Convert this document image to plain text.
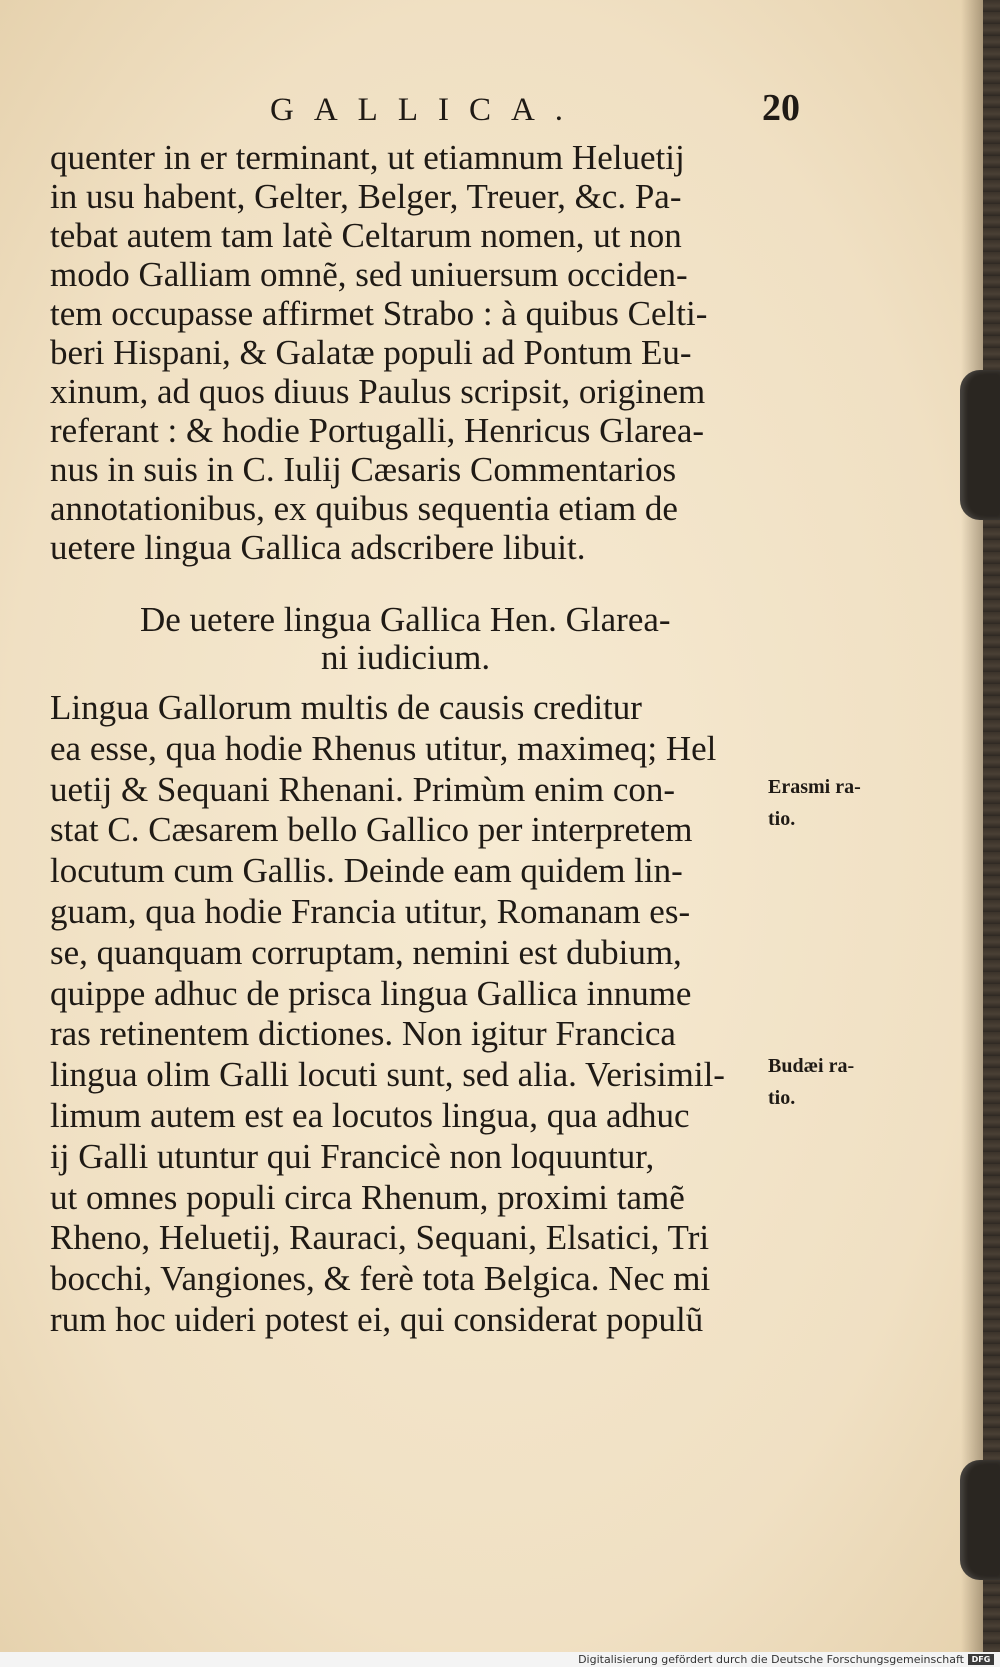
GALLICA.	20
quenter in er terminant, ut etiamnum Heluetij
in usu habent, Gelter, Belger, Treuer, &c. Pa-
tebat autem tam latè Celtarum nomen, ut non
modo Galliam omnẽ, sed uniuersum occiden-
tem occupasse affirmet Strabo : à quibus Celti-
beri Hispani, & Galatæ populi ad Pontum Eu-
xinum, ad quos diuus Paulus scripsit, originem
referant : & hodie Portugalli, Henricus Glarea-
nus in suis in C. Iulij Cæsaris Commentarios
annotationibus, ex quibus sequentia etiam de
uetere lingua Gallica adscribere libuit.
De uetere lingua Gallica Hen. Glarea-
ni iudicium.
Lingua Gallorum multis de causis creditur
ea esse, qua hodie Rhenus utitur, maximeq; Hel
uetij & Sequani Rhenani. Primùm enim con-
stat C. Cæsarem bello Gallico per interpretem
locutum cum Gallis. Deinde eam quidem lin-
guam, qua hodie Francia utitur, Romanam es-
se, quanquam corruptam, nemini est dubium,
quippe adhuc de prisca lingua Gallica innume
ras retinentem dictiones. Non igitur Francica
lingua olim Galli locuti sunt, sed alia. Verisimil-
limum autem est ea locutos lingua, qua adhuc
ij Galli utuntur qui Francicè non loquuntur,
ut omnes populi circa Rhenum, proximi tamẽ
Rheno, Heluetij, Rauraci, Sequani, Elsatici, Tri
bocchi, Vangiones, & ferè tota Belgica. Nec mi
rum hoc uideri potest ei, qui considerat populũ
Erasmi ra-
tio.
Budæi ra-
tio.
Digitalisierung gefördert durch die Deutsche Forschungsgemeinschaft DFG
